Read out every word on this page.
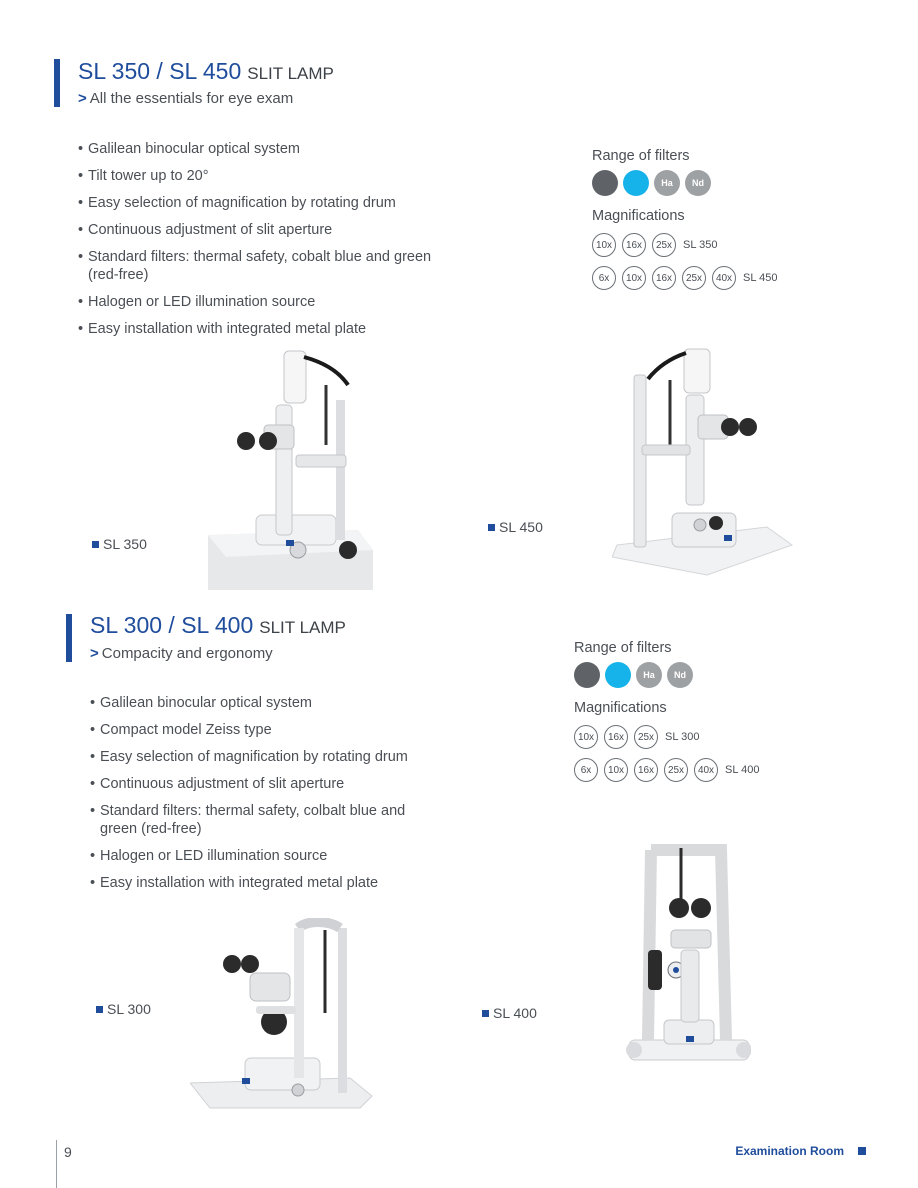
SL 350 / SL 450 SLIT LAMP
> All the essentials for eye exam
• Galilean binocular optical system
• Tilt tower up to 20°
• Easy selection of magnification by rotating drum
• Continuous adjustment of slit aperture
• Standard filters: thermal safety, cobalt blue and green (red-free)
• Halogen or LED illumination source
• Easy installation with integrated metal plate
Range of filters
Ha Nd
Magnifications
10x	16x	25x SL 350
6x	10x	16x	25x	40x SL 450
SL 350
SL 450
SL 300 / SL 400 SLIT LAMP
> Compacity and ergonomy
• Galilean binocular optical system
• Compact model Zeiss type
• Easy selection of magnification by rotating drum
• Continuous adjustment of slit aperture
• Standard filters: thermal safety, colbalt blue and green (red-free)
• Halogen or LED illumination source
• Easy installation with integrated metal plate
Range of filters
Ha Nd
Magnifications
10x	16x	25x SL 300
6x	10x	16x	25x	40x SL 400
SL 400
SL 300
9	Examination Room
